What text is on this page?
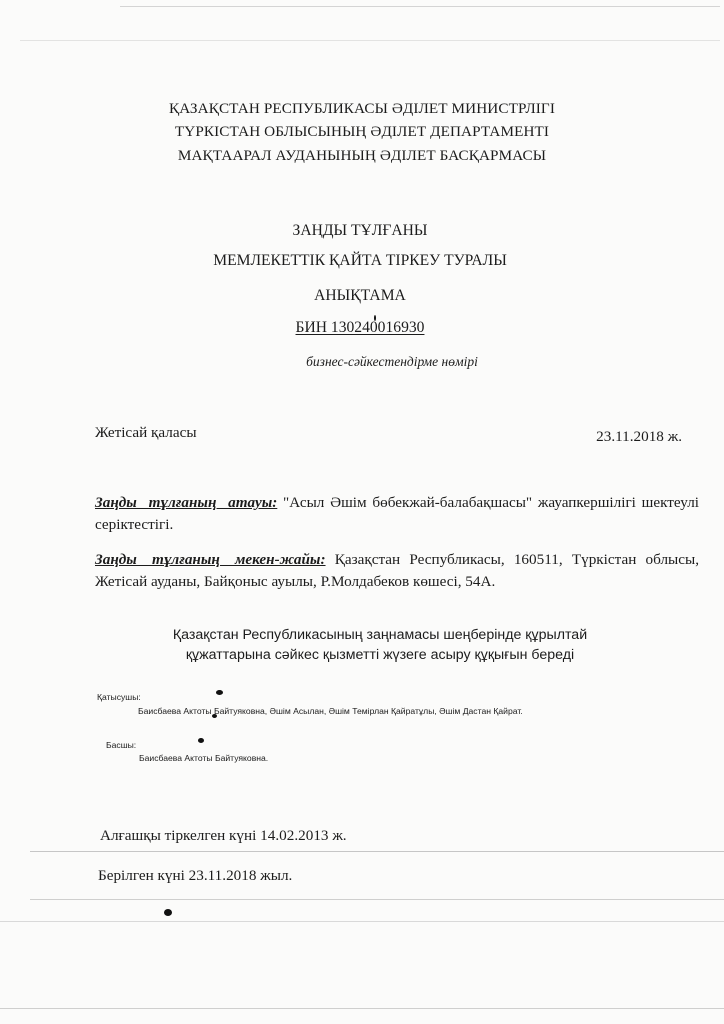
ҚАЗАҚСТАН РЕСПУБЛИКАСЫ ӘДІЛЕТ МИНИСТРЛІГІ
ТҮРКІСТАН ОБЛЫСЫНЫҢ ӘДІЛЕТ ДЕПАРТАМЕНТІ
МАҚТААРАЛ АУДАНЫНЫҢ ӘДІЛЕТ БАСҚАРМАСЫ
ЗАҢДЫ ТҰЛҒАНЫ
МЕМЛЕКЕТТІК ҚАЙТА ТІРКЕУ ТУРАЛЫ
АНЫҚТАМА
БИН 130240016930
бизнес-сәйкестендірме нөмірі
Жетісай қаласы	23.11.2018 ж.
Заңды тұлғаның атауы: "Асыл Әшім бөбекжай-балабақшасы" жауапкершілігі шектеулі серіктестігі.
Заңды тұлғаның мекен-жайы: Қазақстан Республикасы, 160511, Түркістан облысы, Жетісай ауданы, Байқоныс ауылы, Р.Молдабеков көшесі, 54А.
Қазақстан Республикасының заңнамасы шеңберінде құрылтай
құжаттарына сәйкес қызметті жүзеге асыру құқығын береді
Қатысушы:
Баисбаева Актоты Байтуяковна, Әшім Асылан, Әшім Темірлан Қайратұлы, Әшім Дастан Қайрат.
Басшы:
Баисбаева Актоты Байтуяковна.
Алғашқы тіркелген күні 14.02.2013 ж.
Берілген күні 23.11.2018 жыл.
